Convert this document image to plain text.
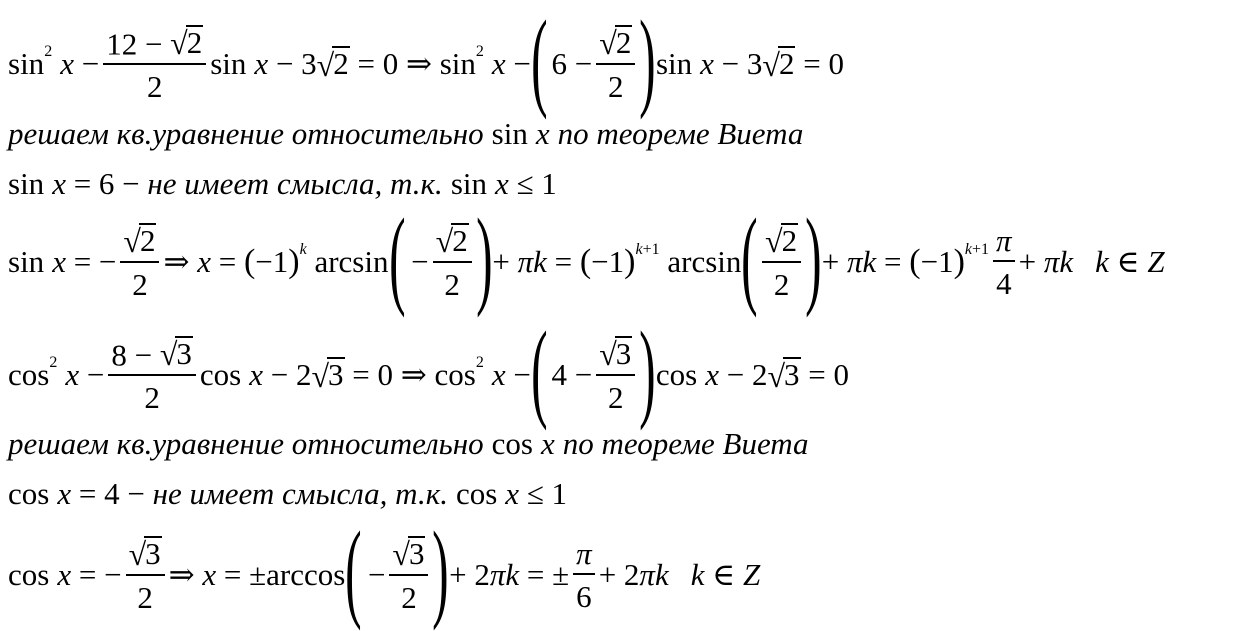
$\sin^2 x - \frac{12 - √ 2}{2}$ sin x − 3 √ 2 = 0 ⇒ $\sin^2 x$ − ( $6 - \frac{√ 2}{2}$ ) sin x − 3 √ 2 = 0
решаем кв.уравнение относительно sin x по теореме Виета
sin x = 6 − не имеет смысла, т.к. sin x ≤ 1
sin x = − $\frac{√ 2}{2}$ ⇒ x = ( −1 )$^k$
arcsin ( − $\frac{√ 2}{2}$ ) + πk = ( −1 ) $^{k+1}$
arcsin ( $\frac{√ 2}{2}$ ) + πk = ( −1 ) $^{k+1} \frac{\pi}{4} + \pi k$ k ∈ Z
$\cos^2 x - \frac{8 - √ 3}{2}$ cos x − 2 √ 3 = 0 ⇒ $\cos^2 x$ − ( $4 - \frac{√ 3}{2}$ ) cos x − 2 √ 3 = 0
решаем кв.уравнение относительно cos x по теореме Виета
cos x = 4 − не имеет смысла, т.к. cos x ≤ 1
cos x = − $\frac{√ 3}{2}$ ⇒ x = ± arccos ( − $\frac{√ 3}{2}$ ) + 2 πk = ± $\frac{\pi}{6} + 2$ πk k ∈ Z
